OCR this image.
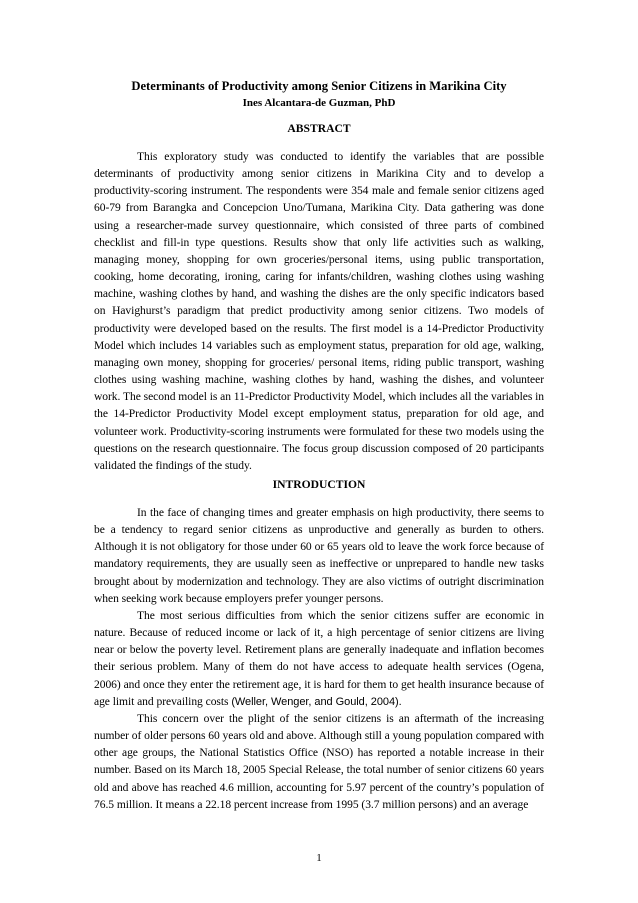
Determinants of Productivity among Senior Citizens in Marikina City
Ines Alcantara-de Guzman, PhD
ABSTRACT

This exploratory study was conducted to identify the variables that are possible determinants of productivity among senior citizens in Marikina City and to develop a productivity-scoring instrument. The respondents were 354 male and female senior citizens aged 60-79 from Barangka and Concepcion Uno/Tumana, Marikina City. Data gathering was done using a researcher-made survey questionnaire, which consisted of three parts of combined checklist and fill-in type questions. Results show that only life activities such as walking, managing money, shopping for own groceries/personal items, using public transportation, cooking, home decorating, ironing, caring for infants/children, washing clothes using washing machine, washing clothes by hand, and washing the dishes are the only specific indicators based on Havighurst’s paradigm that predict productivity among senior citizens. Two models of productivity were developed based on the results. The first model is a 14-Predictor Productivity Model which includes 14 variables such as employment status, preparation for old age, walking, managing own money, shopping for groceries/ personal items, riding public transport, washing clothes using washing machine, washing clothes by hand, washing the dishes, and volunteer work. The second model is an 11-Predictor Productivity Model, which includes all the variables in the 14-Predictor Productivity Model except employment status, preparation for old age, and volunteer work. Productivity-scoring instruments were formulated for these two models using the questions on the research questionnaire. The focus group discussion composed of 20 participants validated the findings of the study.

INTRODUCTION

In the face of changing times and greater emphasis on high productivity, there seems to be a tendency to regard senior citizens as unproductive and generally as burden to others. Although it is not obligatory for those under 60 or 65 years old to leave the work force because of mandatory requirements, they are usually seen as ineffective or unprepared to handle new tasks brought about by modernization and technology. They are also victims of outright discrimination when seeking work because employers prefer younger persons.

The most serious difficulties from which the senior citizens suffer are economic in nature. Because of reduced income or lack of it, a high percentage of senior citizens are living near or below the poverty level. Retirement plans are generally inadequate and inflation becomes their serious problem. Many of them do not have access to adequate health services (Ogena, 2006) and once they enter the retirement age, it is hard for them to get health insurance because of age limit and prevailing costs (Weller, Wenger, and Gould, 2004).

This concern over the plight of the senior citizens is an aftermath of the increasing number of older persons 60 years old and above. Although still a young population compared with other age groups, the National Statistics Office (NSO) has reported a notable increase in their number. Based on its March 18, 2005 Special Release, the total number of senior citizens 60 years old and above has reached 4.6 million, accounting for 5.97 percent of the country’s population of 76.5 million. It means a 22.18 percent increase from 1995 (3.7 million persons) and an average

1
